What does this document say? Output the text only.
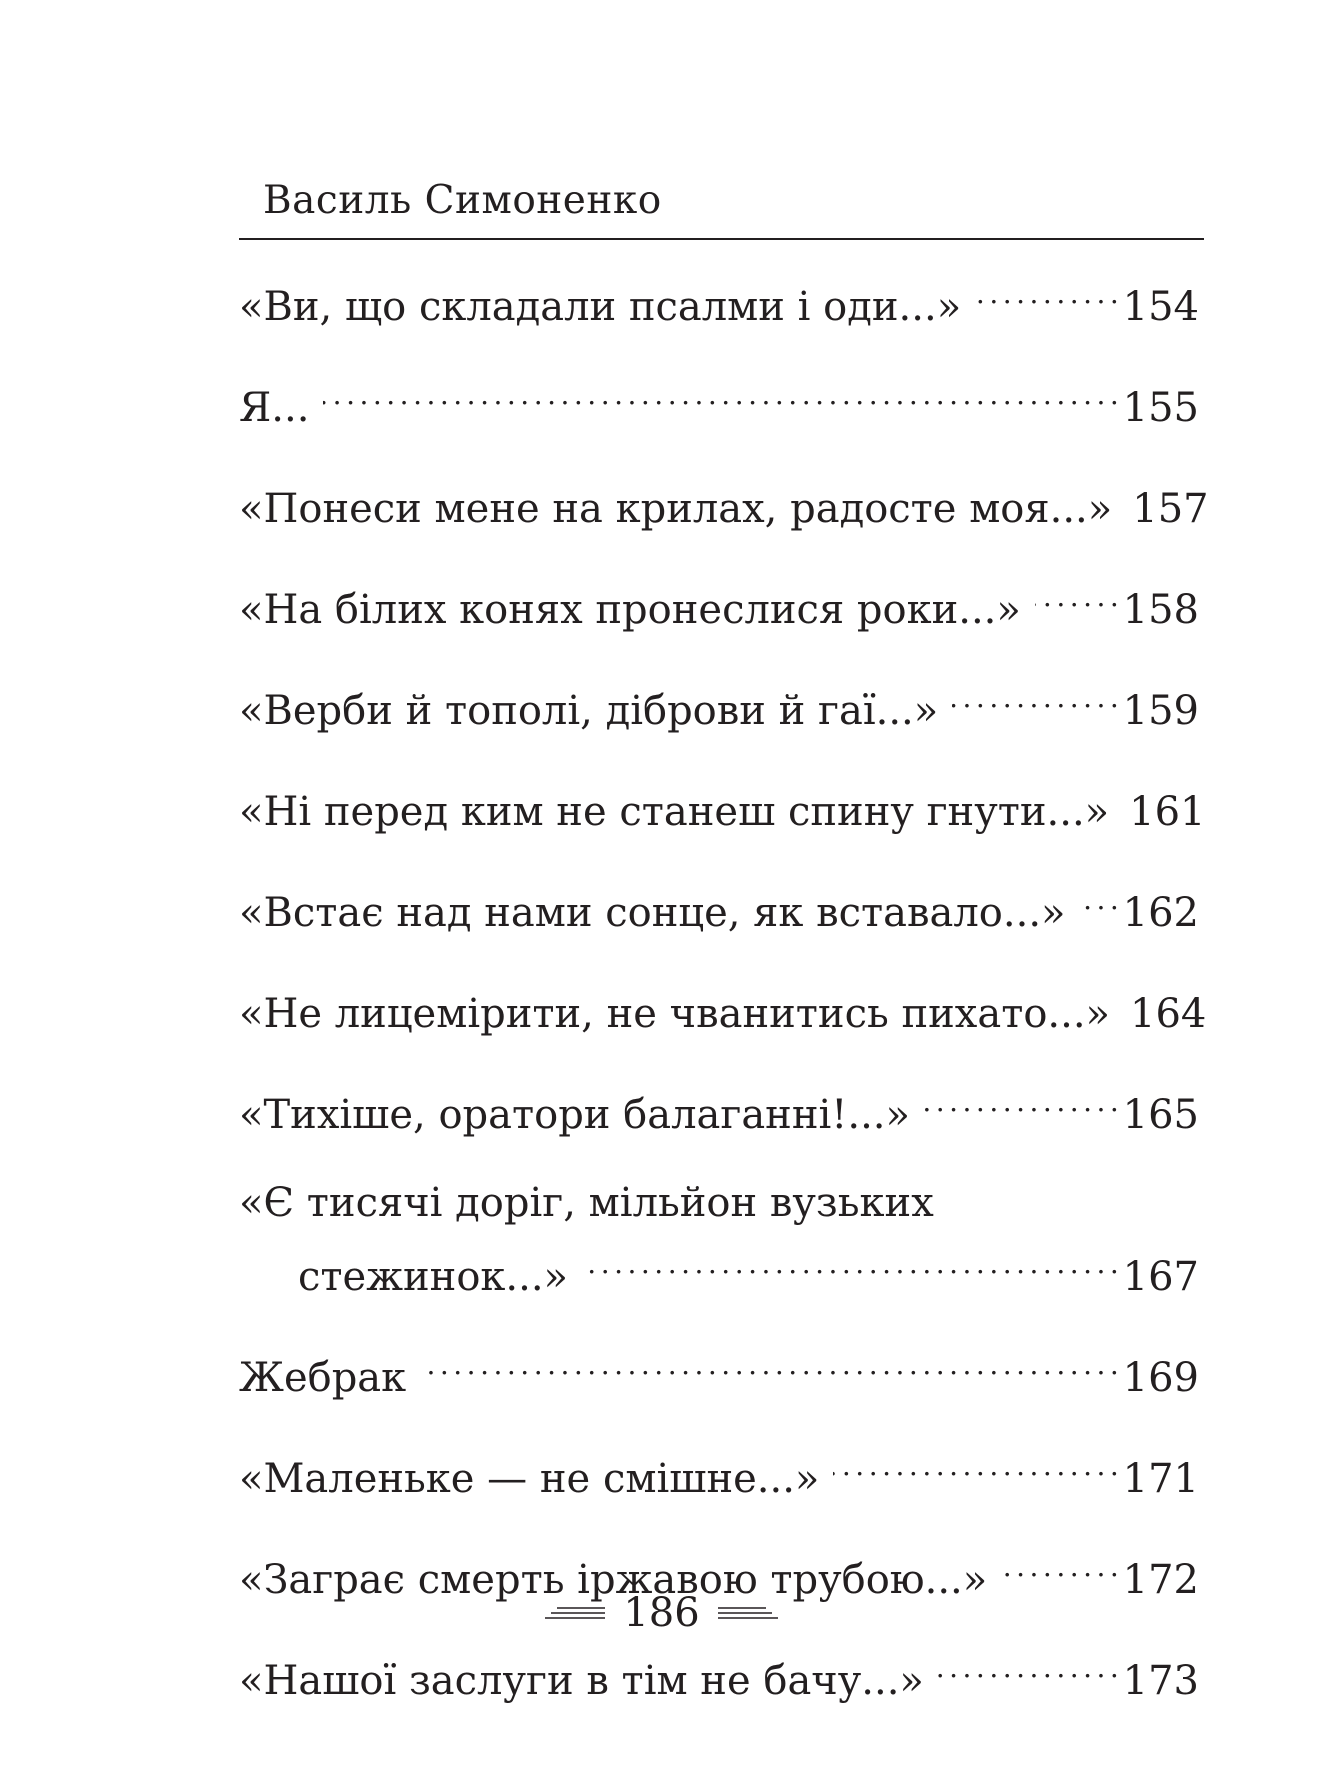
Василь Симоненко
«Ви, що складали псалми і оди...» . . .	154
Я... . . .	155
«Понеси мене на крилах, радосте моя...» 157
«На білих конях пронеслися роки...» . . .	158
«Верби й тополі, діброви й гаї...» . . .	159
«Ні перед ким не станеш спину гнути...» 161
«Встає над нами сонце, як вставало...» . . .	162
«Не лицемірити, не чванитись пихато...» 164
«Тихіше, оратори балаганні!...» . . .	165
«Є тисячі доріг, мільйон вузьких
стежинок...» . . .	167
Жебрак . . .	169
«Маленьке — не смішне...» . . .	171
«Заграє смерть іржавою трубою...» . . .	172
«Нашої заслуги в тім не бачу...» . . .	173
186
